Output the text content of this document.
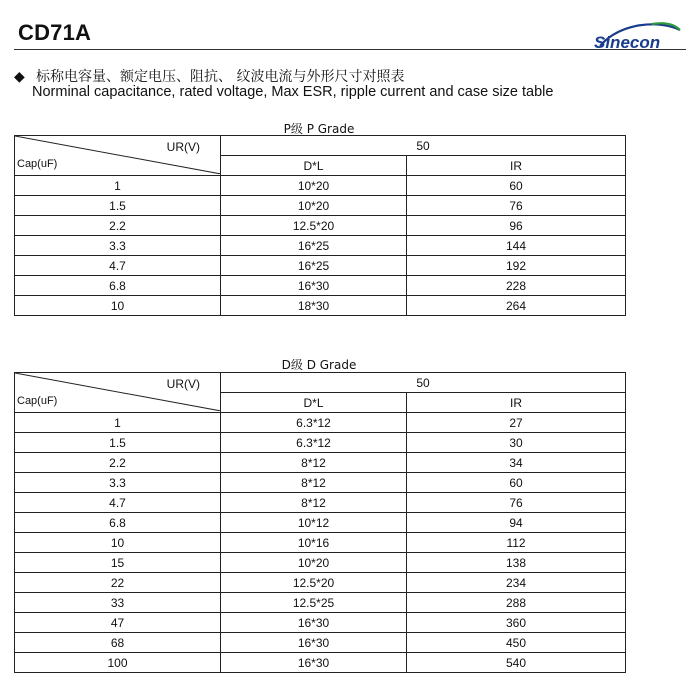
CD71A	Sinecon
◆ 标称电容量、额定电压、阻抗、 纹波电流与外形尺寸对照表
Norminal capacitance, rated voltage, Max ESR, ripple current and case size table
P级 P Grade
UR(V)
Cap(uF)	50	
	D*L	IR
1	10*20	60
1.5	10*20	76
2.2	12.5*20	96
3.3	16*25	144
4.7	16*25	192
6.8	16*30	228
10	18*30	264
D级 D Grade
UR(V)
Cap(uF)	50	
	D*L	IR
1	6.3*12	27
1.5	6.3*12	30
2.2	8*12	34
3.3	8*12	60
4.7	8*12	76
6.8	10*12	94
10	10*16	112
15	10*20	138
22	12.5*20	234
33	12.5*25	288
47	16*30	360
68	16*30	450
100	16*30	540
